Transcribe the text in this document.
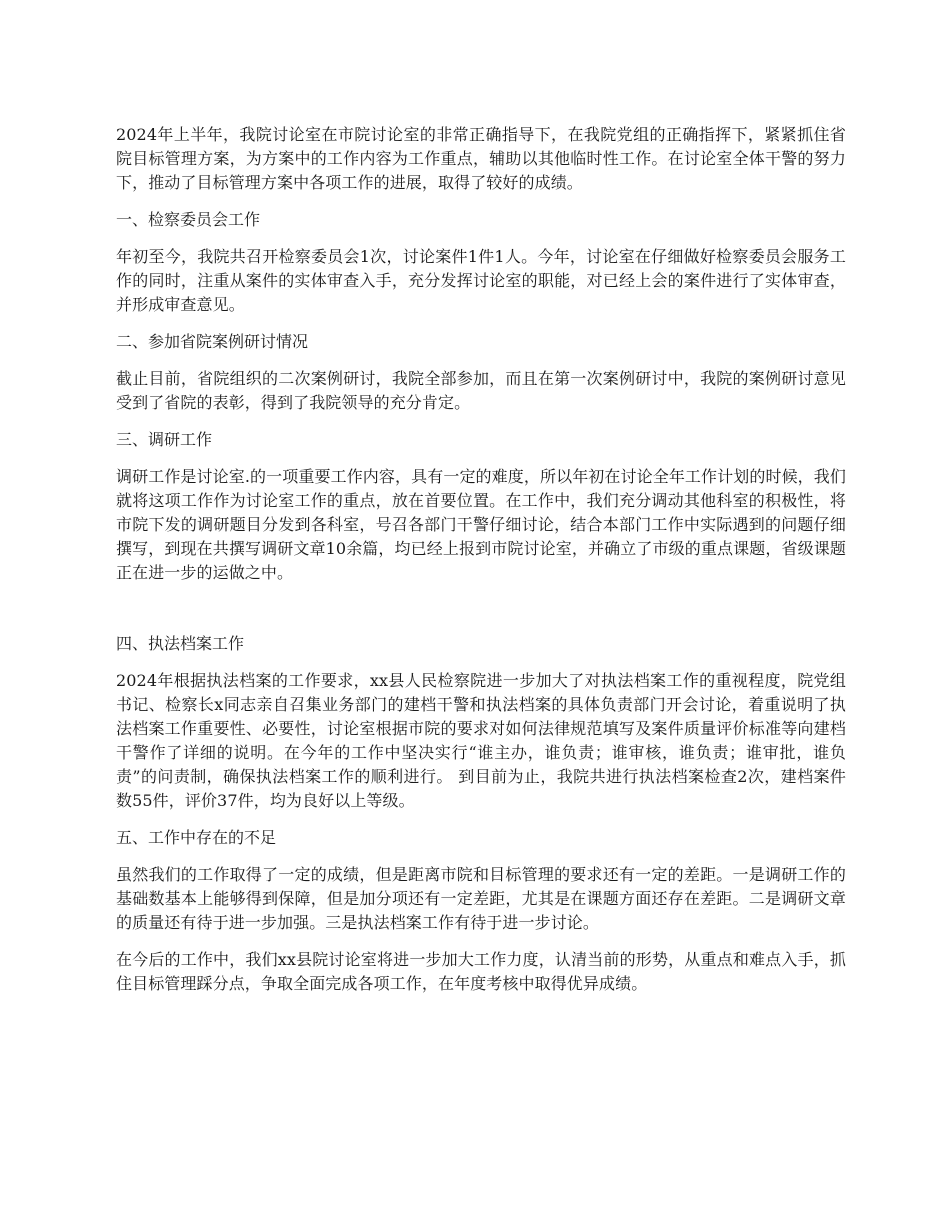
2024年上半年，我院讨论室在市院讨论室的非常正确指导下，在我院党组的正确指挥下，紧紧抓住省院目标管理方案，为方案中的工作内容为工作重点，辅助以其他临时性工作。在讨论室全体干警的努力下，推动了目标管理方案中各项工作的进展，取得了较好的成绩。

一、检察委员会工作

年初至今，我院共召开检察委员会1次，讨论案件1件1人。今年，讨论室在仔细做好检察委员会服务工作的同时，注重从案件的实体审查入手，充分发挥讨论室的职能，对已经上会的案件进行了实体审查，并形成审查意见。

二、参加省院案例研讨情况

截止目前，省院组织的二次案例研讨，我院全部参加，而且在第一次案例研讨中，我院的案例研讨意见受到了省院的表彰，得到了我院领导的充分肯定。

三、调研工作

调研工作是讨论室.的一项重要工作内容，具有一定的难度，所以年初在讨论全年工作计划的时候，我们就将这项工作作为讨论室工作的重点，放在首要位置。在工作中，我们充分调动其他科室的积极性，将市院下发的调研题目分发到各科室，号召各部门干警仔细讨论，结合本部门工作中实际遇到的问题仔细撰写，到现在共撰写调研文章10余篇，均已经上报到市院讨论室，并确立了市级的重点课题，省级课题正在进一步的运做之中。

四、执法档案工作

2024年根据执法档案的工作要求，xx县人民检察院进一步加大了对执法档案工作的重视程度，院党组书记、检察长x同志亲自召集业务部门的建档干警和执法档案的具体负责部门开会讨论，着重说明了执法档案工作重要性、必要性，讨论室根据市院的要求对如何法律规范填写及案件质量评价标准等向建档干警作了详细的说明。在今年的工作中坚决实行“谁主办，谁负责；谁审核，谁负责；谁审批，谁负责”的问责制，确保执法档案工作的顺利进行。 到目前为止，我院共进行执法档案检查2次，建档案件数55件，评价37件，均为良好以上等级。

五、工作中存在的不足

虽然我们的工作取得了一定的成绩，但是距离市院和目标管理的要求还有一定的差距。一是调研工作的基础数基本上能够得到保障，但是加分项还有一定差距，尤其是在课题方面还存在差距。二是调研文章的质量还有待于进一步加强。三是执法档案工作有待于进一步讨论。

在今后的工作中，我们xx县院讨论室将进一步加大工作力度，认清当前的形势，从重点和难点入手，抓住目标管理踩分点，争取全面完成各项工作，在年度考核中取得优异成绩。
